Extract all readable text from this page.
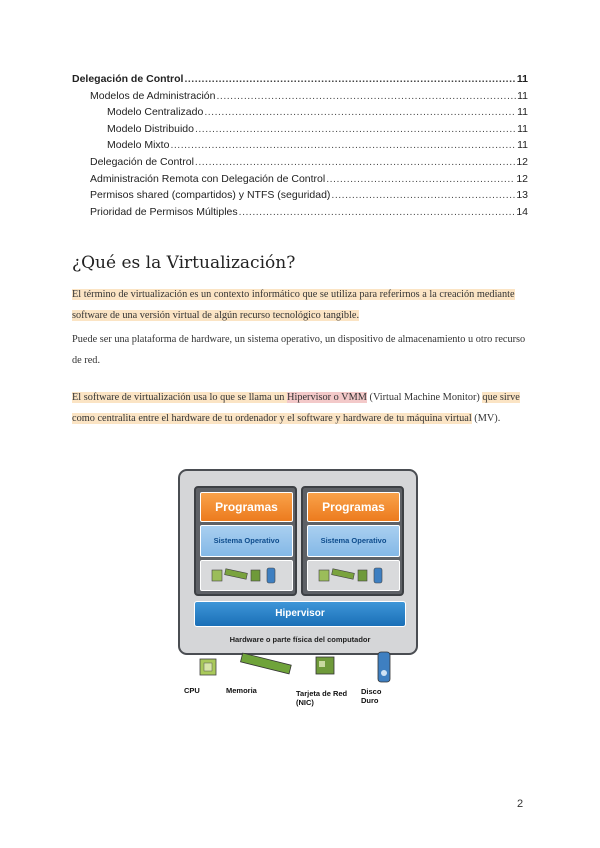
Delegación de Control .....	11
Modelos de Administración .....	11
Modelo Centralizado .....	11
Modelo Distribuido .....	11
Modelo Mixto .....	11
Delegación de Control .....	12
Administración Remota con Delegación de Control .....	12
Permisos shared (compartidos) y NTFS (seguridad) .....	13
Prioridad de Permisos Múltiples .....	14
¿Qué es la Virtualización?
El término de virtualización es un contexto informático que se utiliza para referirnos a la creación mediante software de una versión virtual de algún recurso tecnológico tangible.
Puede ser una plataforma de hardware, un sistema operativo, un dispositivo de almacenamiento u otro recurso de red.
El software de virtualización usa lo que se llama un Hipervisor o VMM (Virtual Machine Monitor) que sirve como centralita entre el hardware de tu ordenador y el software y hardware de tu máquina virtual (MV).
Programas
Sistema Operativo
Programas
Sistema Operativo
Hipervisor
Hardware o parte física del computador
CPU	Memoria	Tarjeta de Red (NIC)
Disco Duro
2
